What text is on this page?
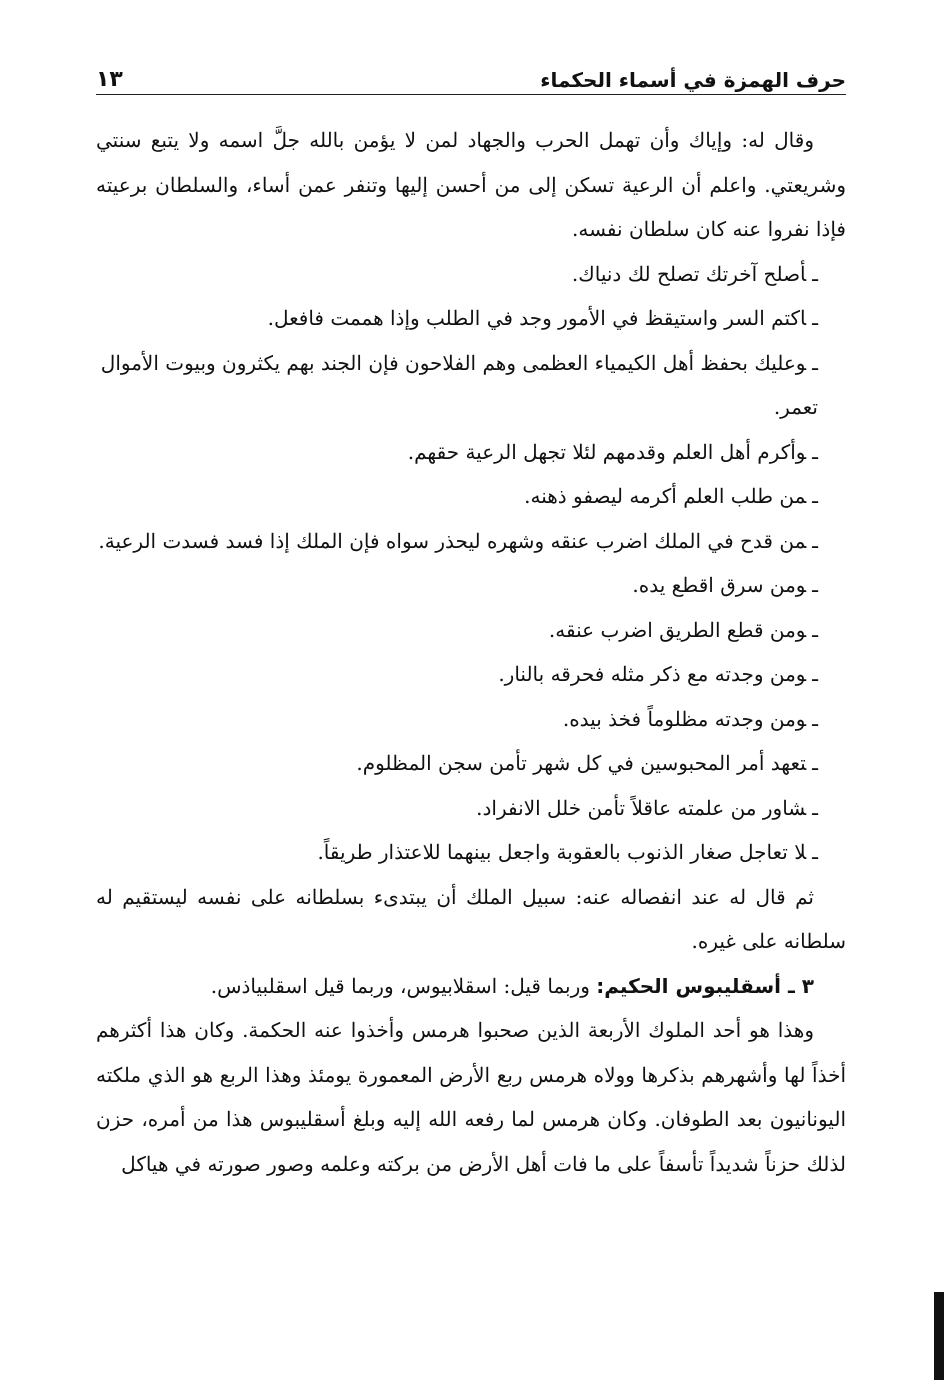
حرف الهمزة في أسماء الحكماء
١٣

وقال له: وإياك وأن تهمل الحرب والجهاد لمن لا يؤمن بالله جلَّ اسمه ولا يتبع سنتي وشريعتي. واعلم أن الرعية تسكن إلى من أحسن إليها وتنفر عمن أساء، والسلطان برعيته فإذا نفروا عنه كان سلطان نفسه.

ـأصلح آخرتك تصلح لك دنياك.

ـاكتم السر واستيقظ في الأمور وجد في الطلب وإذا هممت فافعل.

ـوعليك بحفظ أهل الكيمياء العظمى وهم الفلاحون فإن الجند بهم يكثرون وبيوت الأموال تعمر.

ـوأكرم أهل العلم وقدمهم لئلا تجهل الرعية حقهم.

ـمن طلب العلم أكرمه ليصفو ذهنه.

ـمن قدح في الملك اضرب عنقه وشهره ليحذر سواه فإن الملك إذا فسد فسدت الرعية.

ـومن سرق اقطع يده.

ـومن قطع الطريق اضرب عنقه.

ـومن وجدته مع ذكر مثله فحرقه بالنار.

ـومن وجدته مظلوماً فخذ بيده.

ـتعهد أمر المحبوسين في كل شهر تأمن سجن المظلوم.

ـشاور من علمته عاقلاً تأمن خلل الانفراد.

ـلا تعاجل صغار الذنوب بالعقوبة واجعل بينهما للاعتذار طريقاً.

ثم قال له عند انفصاله عنه: سبيل الملك أن يبتدىء بسلطانه على نفسه ليستقيم له سلطانه على غيره.

٣ ـ أسقليبوس الحكيم: وربما قيل: اسقلابيوس، وربما قيل اسقلبياذس.

وهذا هو أحد الملوك الأربعة الذين صحبوا هرمس وأخذوا عنه الحكمة. وكان هذا أكثرهم أخذاً لها وأشهرهم بذكرها وولاه هرمس ربع الأرض المعمورة يومئذ وهذا الربع هو الذي ملكته اليونانيون بعد الطوفان. وكان هرمس لما رفعه الله إليه وبلغ أسقليبوس هذا من أمره، حزن لذلك حزناً شديداً تأسفاً على ما فات أهل الأرض من بركته وعلمه وصور صورته في هياكل
